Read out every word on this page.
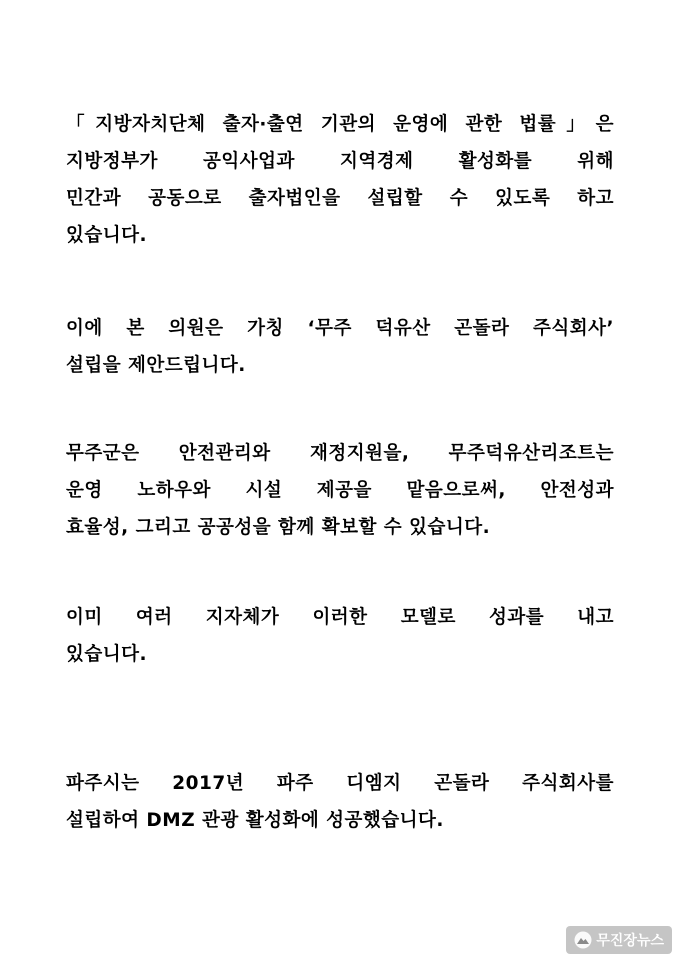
「지방자치단체 출자·출연 기관의 운영에 관한 법률」은
지방정부가 공익사업과 지역경제 활성화를 위해
민간과 공동으로 출자법인을 설립할 수 있도록 하고
있습니다.
이에 본 의원은 가칭 ‘무주 덕유산 곤돌라 주식회사’
설립을 제안드립니다.
무주군은 안전관리와 재정지원을, 무주덕유산리조트는
운영 노하우와 시설 제공을 맡음으로써, 안전성과
효율성, 그리고 공공성을 함께 확보할 수 있습니다.
이미 여러 지자체가 이러한 모델로 성과를 내고
있습니다.
파주시는 2017년 파주 디엠지 곤돌라 주식회사를
설립하여 DMZ 관광 활성화에 성공했습니다.
무진장뉴스
